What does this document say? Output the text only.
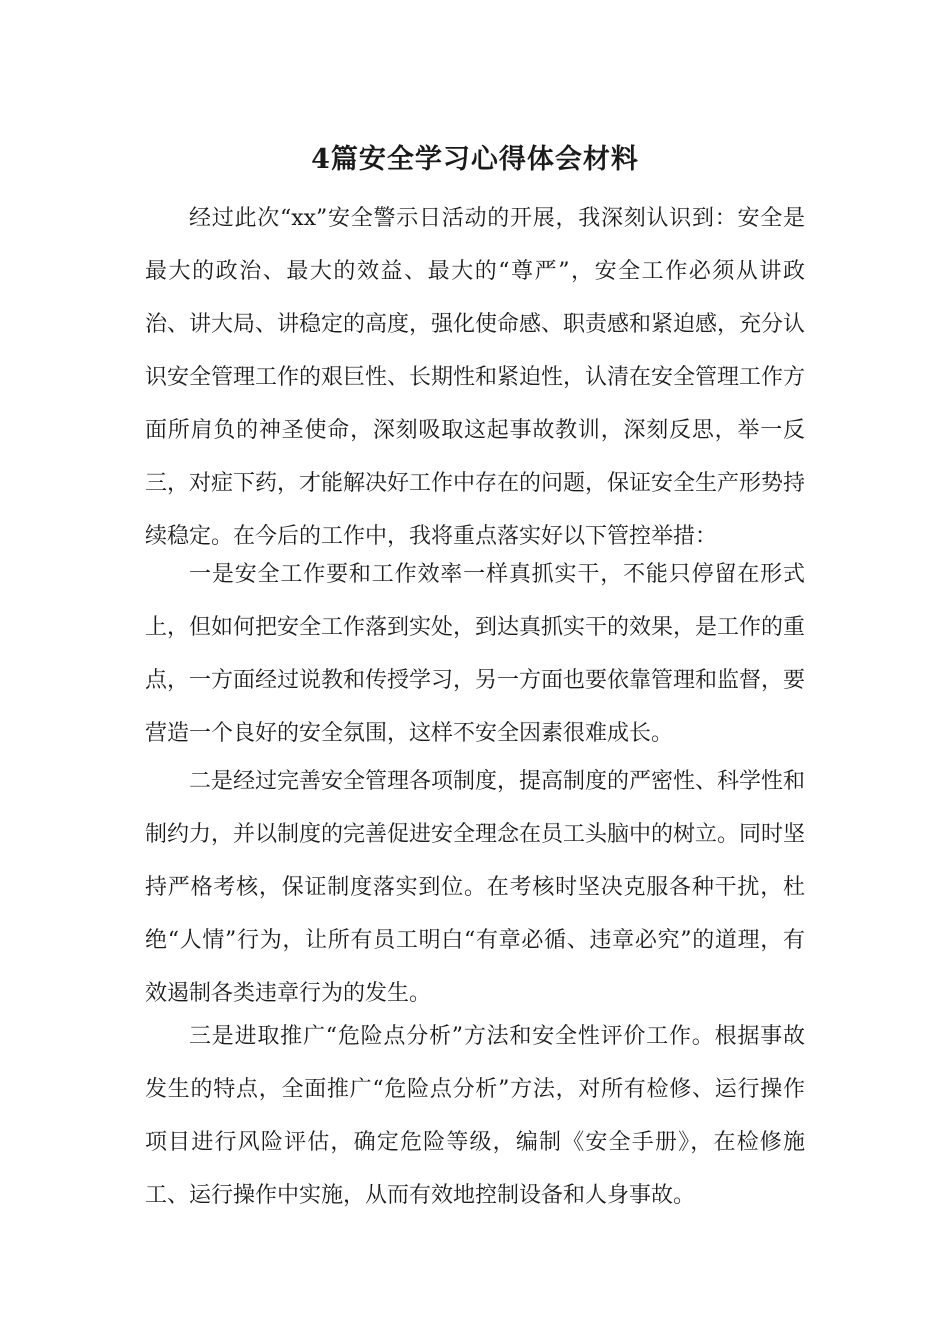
4篇安全学习心得体会材料

经过此次“xx”安全警示日活动的开展，我深刻认识到：安全是最大的政治、最大的效益、最大的“尊严”，安全工作必须从讲政治、讲大局、讲稳定的高度，强化使命感、职责感和紧迫感，充分认识安全管理工作的艰巨性、长期性和紧迫性，认清在安全管理工作方面所肩负的神圣使命，深刻吸取这起事故教训，深刻反思，举一反三，对症下药，才能解决好工作中存在的问题，保证安全生产形势持续稳定。在今后的工作中，我将重点落实好以下管控举措：

一是安全工作要和工作效率一样真抓实干，不能只停留在形式上，但如何把安全工作落到实处，到达真抓实干的效果，是工作的重点，一方面经过说教和传授学习，另一方面也要依靠管理和监督，要营造一个良好的安全氛围，这样不安全因素很难成长。

二是经过完善安全管理各项制度，提高制度的严密性、科学性和制约力，并以制度的完善促进安全理念在员工头脑中的树立。同时坚持严格考核，保证制度落实到位。在考核时坚决克服各种干扰，杜绝“人情”行为，让所有员工明白“有章必循、违章必究”的道理，有效遏制各类违章行为的发生。

三是进取推广“危险点分析”方法和安全性评价工作。根据事故发生的特点，全面推广“危险点分析”方法，对所有检修、运行操作项目进行风险评估，确定危险等级，编制《安全手册》，在检修施工、运行操作中实施，从而有效地控制设备和人身事故。
